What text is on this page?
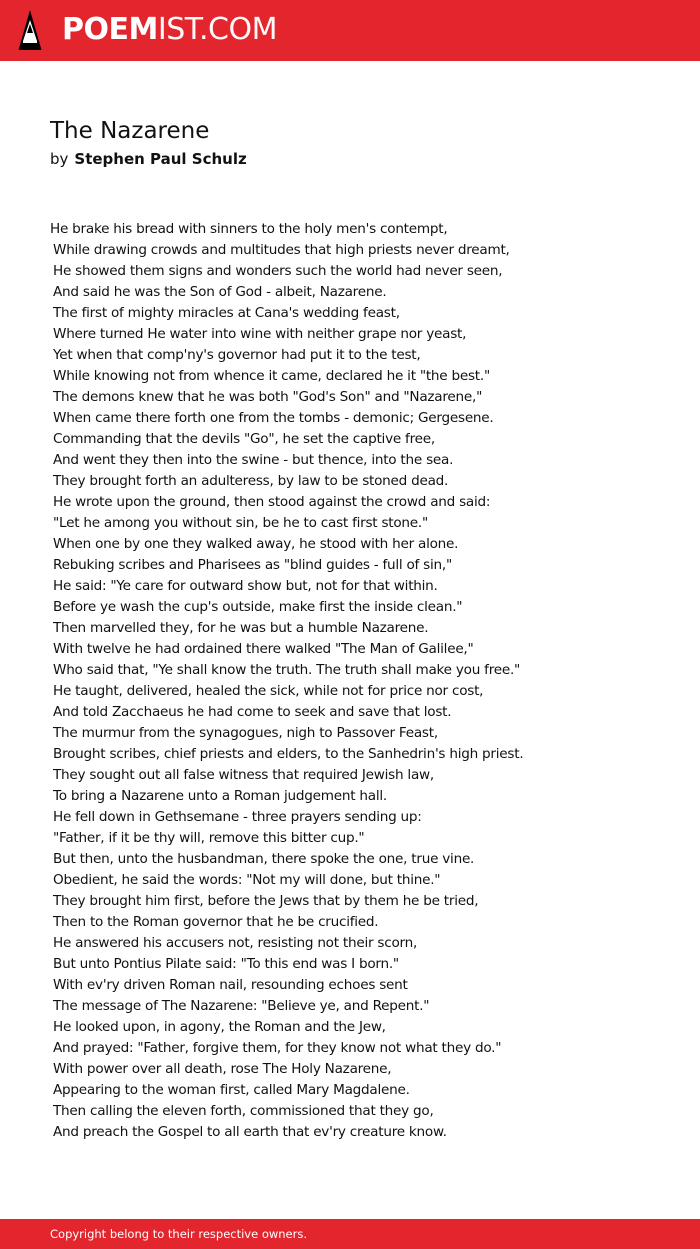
POEMIST.COM
The Nazarene
by Stephen Paul Schulz
He brake his bread with sinners to the holy men's contempt,
While drawing crowds and multitudes that high priests never dreamt,
He showed them signs and wonders such the world had never seen,
And said he was the Son of God - albeit, Nazarene.
The first of mighty miracles at Cana's wedding feast,
Where turned He water into wine with neither grape nor yeast,
Yet when that comp'ny's governor had put it to the test,
While knowing not from whence it came, declared he it "the best."
The demons knew that he was both "God's Son" and "Nazarene,"
When came there forth one from the tombs - demonic; Gergesene.
Commanding that the devils "Go", he set the captive free,
And went they then into the swine - but thence, into the sea.
They brought forth an adulteress, by law to be stoned dead.
He wrote upon the ground, then stood against the crowd and said:
"Let he among you without sin, be he to cast first stone."
When one by one they walked away, he stood with her alone.
Rebuking scribes and Pharisees as "blind guides - full of sin,"
He said: "Ye care for outward show but, not for that within.
Before ye wash the cup's outside, make first the inside clean."
Then marvelled they, for he was but a humble Nazarene.
With twelve he had ordained there walked "The Man of Galilee,"
Who said that, "Ye shall know the truth. The truth shall make you free."
He taught, delivered, healed the sick, while not for price nor cost,
And told Zacchaeus he had come to seek and save that lost.
The murmur from the synagogues, nigh to Passover Feast,
Brought scribes, chief priests and elders, to the Sanhedrin's high priest.
They sought out all false witness that required Jewish law,
To bring a Nazarene unto a Roman judgement hall.
He fell down in Gethsemane - three prayers sending up:
"Father, if it be thy will, remove this bitter cup."
But then, unto the husbandman, there spoke the one, true vine.
Obedient, he said the words: "Not my will done, but thine."
They brought him first, before the Jews that by them he be tried,
Then to the Roman governor that he be crucified.
He answered his accusers not, resisting not their scorn,
But unto Pontius Pilate said: "To this end was I born."
With ev'ry driven Roman nail, resounding echoes sent
The message of The Nazarene: "Believe ye, and Repent."
He looked upon, in agony, the Roman and the Jew,
And prayed: "Father, forgive them, for they know not what they do."
With power over all death, rose The Holy Nazarene,
Appearing to the woman first, called Mary Magdalene.
Then calling the eleven forth, commissioned that they go,
And preach the Gospel to all earth that ev'ry creature know.
Copyright belong to their respective owners.
